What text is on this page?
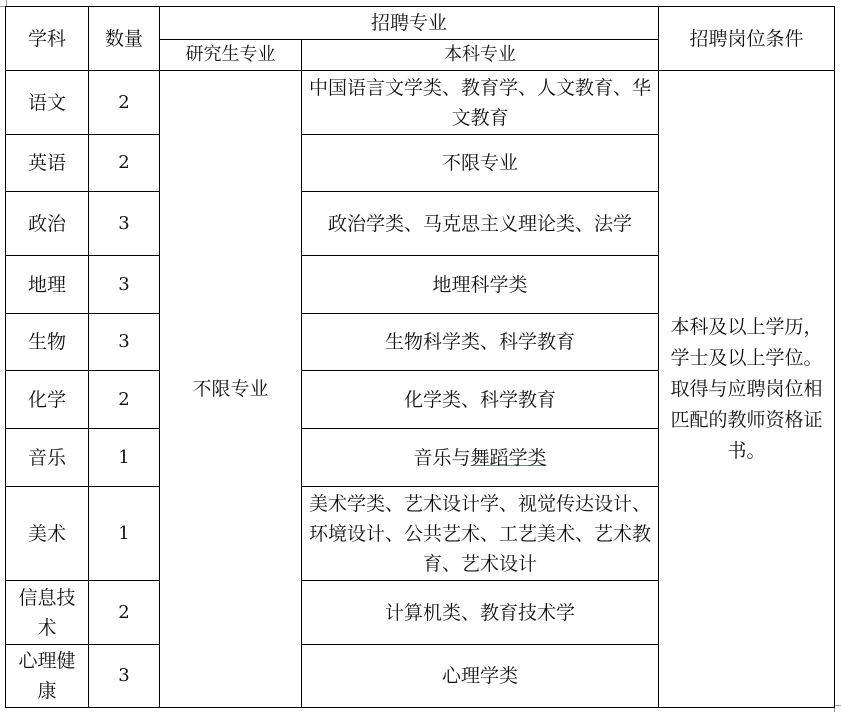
学科	数量	招聘专业		招聘岗位条件
		研究生专业	本科专业	
语文	2	不限专业	中国语言文学类、教育学、人文教育、华文教育	本科及以上学历，学士及以上学位。取得与应聘岗位相匹配的教师资格证书。
英语	2		不限专业	
政治	3		政治学类、马克思主义理论类、法学	
地理	3		地理科学类	
生物	3		生物科学类、科学教育	
化学	2		化学类、科学教育	
音乐	1		音乐与舞蹈学类	
美术	1		美术学类、艺术设计学、视觉传达设计、环境设计、公共艺术、工艺美术、艺术教育、艺术设计	
信息技术	2		计算机类、教育技术学	
心理健康	3		心理学类	
